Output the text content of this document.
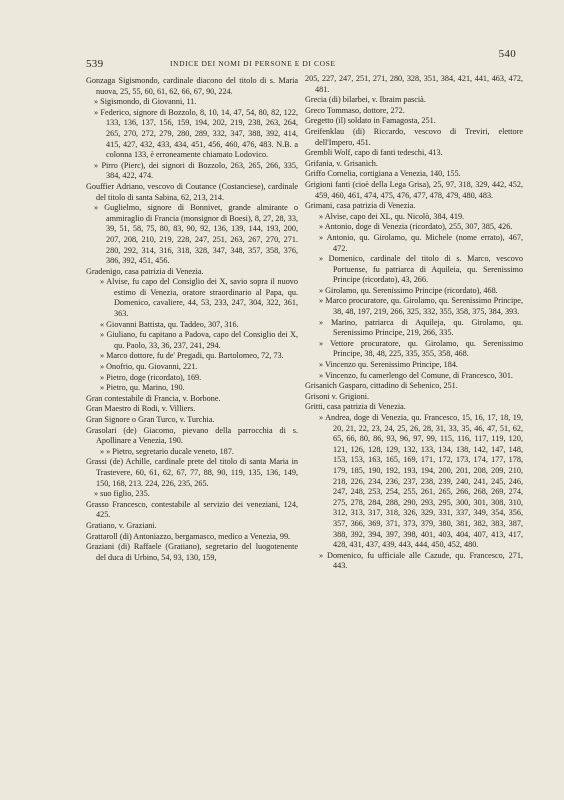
539	INDICE DEI NOMI DI PERSONE E DI COSE
540

Gonzaga Sigismondo, cardinale diacono del titolo di s. Maria nuova, 25, 55, 60, 61, 62, 66, 67, 90, 224.

» Sigismondo, di Giovanni, 11.

» Federico, signore di Bozzolo, 8, 10, 14, 47, 54, 80, 82, 122, 133, 136, 137, 156, 159, 194, 202, 219, 238, 263, 264, 265, 270, 272, 279, 280, 289, 332, 347, 388, 392, 414, 415, 427, 432, 433, 434, 451, 456, 460, 476, 483. N.B. a colonna 133, è erroneamente chiamato Lodovico.

» Pirro (Pierc), dei signori di Bozzolo, 263, 265, 266, 335, 384, 422, 474.

Gouffier Adriano, vescovo di Coutance (Costanciese), cardinale del titolo di santa Sabina, 62, 213, 214.

» Guglielmo, signore di Bonnivet, grande almirante o ammiraglio di Francia (monsignor di Boesi), 8, 27, 28, 33, 39, 51, 58, 75, 80, 83, 90, 92, 136, 139, 144, 193, 200, 207, 208, 210, 219, 228, 247, 251, 263, 267, 270, 271. 280, 292, 314, 316, 318, 328, 347, 348, 357, 358, 376, 386, 392, 451, 456.

Gradenigo, casa patrizia di Venezia.

» Alvise, fu capo del Consiglio dei X, savio sopra il nuovo estimo di Venezia, oratore straordinario al Papa, qu. Domenico, cavaliere, 44, 53, 233, 247, 304, 322, 361, 363.

« Giovanni Battista, qu. Taddeo, 307, 316.

» Giuliano, fu capitano a Padova, capo del Consiglio dei X, qu. Paolo, 33, 36, 237, 241, 294.

» Marco dottore, fu de' Pregadi, qu. Bartolomeo, 72, 73.

» Onofrio, qu. Giovanni, 221.

» Pietro, doge (ricordato), 169.

» Pietro, qu. Marino, 190.

Gran contestabile di Francia, v. Borbone.

Gran Maestro di Rodi, v. Villiers.

Gran Signore o Gran Turco, v. Turchia.

Grasolari (de) Giacomo, pievano della parrocchia di s. Apollinare a Venezia, 190.

» » Pietro, segretario ducale veneto, 187.

Grassi (de) Achille, cardinale prete del titolo di santa Maria in Trastevere, 60, 61, 62, 67, 77, 88, 90, 119, 135, 136, 149, 150, 168, 213. 224, 226, 235, 265.

» suo figlio, 235.

Grasso Francesco, contestabile al servizio dei veneziani, 124, 425.

Gratiano, v. Graziani.

Grattaroll (di) Antoniazzo, bergamasco, medico a Venezia, 99.

Graziani (di) Raffaele (Gratiano), segretario del luogotenente del duca di Urbino, 54, 93, 130, 159,

205, 227, 247, 251, 271, 280, 328, 351, 384, 421, 441, 463, 472, 481.

Grecia (di) bilarbei, v. Ibraim pascià.

Greco Tommaso, dottore, 272.

Gregetto (il) soldato in Famagosta, 251.

Greifenklau (di) Riccardo, vescovo di Treviri, elettore dell'Impero, 451.

Grembli Wolf, capo di fanti tedeschi, 413.

Grifania, v. Grisanich.

Griffo Cornelia, cortigiana a Venezia, 140, 155.

Grigioni fanti (cioè della Lega Grisa), 25, 97, 318, 329, 442, 452, 459, 460, 461, 474, 475, 476, 477, 478, 479, 480, 483.

Grimani, casa patrizia di Venezia.

» Alvise, capo dei XL, qu. Nicolò, 384, 419.

» Antonio, doge di Venezia (ricordato), 255, 307, 385, 426.

» Antonio, qu. Girolamo, qu. Michele (nome errato), 467, 472.

» Domenico, cardinale del titolo di s. Marco, vescovo Portuense, fu patriarca di Aquileia, qu. Serenissimo Principe (ricordato), 43, 266.

» Girolamo, qu. Serenissimo Principe (ricordato), 468.

» Marco procuratore, qu. Girolamo, qu. Serenissimo Principe, 38, 48, 197, 219, 266, 325, 332, 355, 358, 375, 384, 393.

» Marino, patriarca di Aquileja, qu. Girolamo, qu. Serenissimo Principe, 219, 266, 335.

» Vettore procuratore, qu. Girolamo, qu. Serenissimo Principe, 38, 48, 225, 335, 355, 358, 468.

» Vincenzo qu. Serenissimo Principe, 184.

» Vincenzo, fu camerlengo del Comune, di Francesco, 301.

Grisanich Gasparo, cittadino di Sebenico, 251.

Grisoni v. Grigioni.

Gritti, casa patrizia di Venezia.

» Andrea, doge di Venezia, qu. Francesco, 15, 16, 17, 18, 19, 20, 21, 22, 23, 24, 25, 26, 28, 31, 33, 35, 46, 47, 51, 62, 65, 66, 80, 86, 93, 96, 97, 99, 115, 116, 117, 119, 120, 121, 126, 128, 129, 132, 133, 134, 138, 142, 147, 148, 153, 153, 163, 165, 169, 171, 172, 173, 174, 177, 178, 179, 185, 190, 192, 193, 194, 200, 201, 208, 209, 210, 218, 226, 234, 236, 237, 238, 239, 240, 241, 245, 246, 247, 248, 253, 254, 255, 261, 265, 266, 268, 269, 274, 275, 278, 284, 288, 290, 293, 295, 300, 301, 308, 310, 312, 313, 317, 318, 326, 329, 331, 337, 349, 354, 356, 357, 366, 369, 371, 373, 379, 380, 381, 382, 383, 387, 388, 392, 394, 397, 398, 401, 403, 404, 407, 413, 417, 428, 431, 437, 439, 443, 444, 450, 452, 480.

» Domenico, fu ufficiale alle Cazude, qu. Francesco, 271, 443.
